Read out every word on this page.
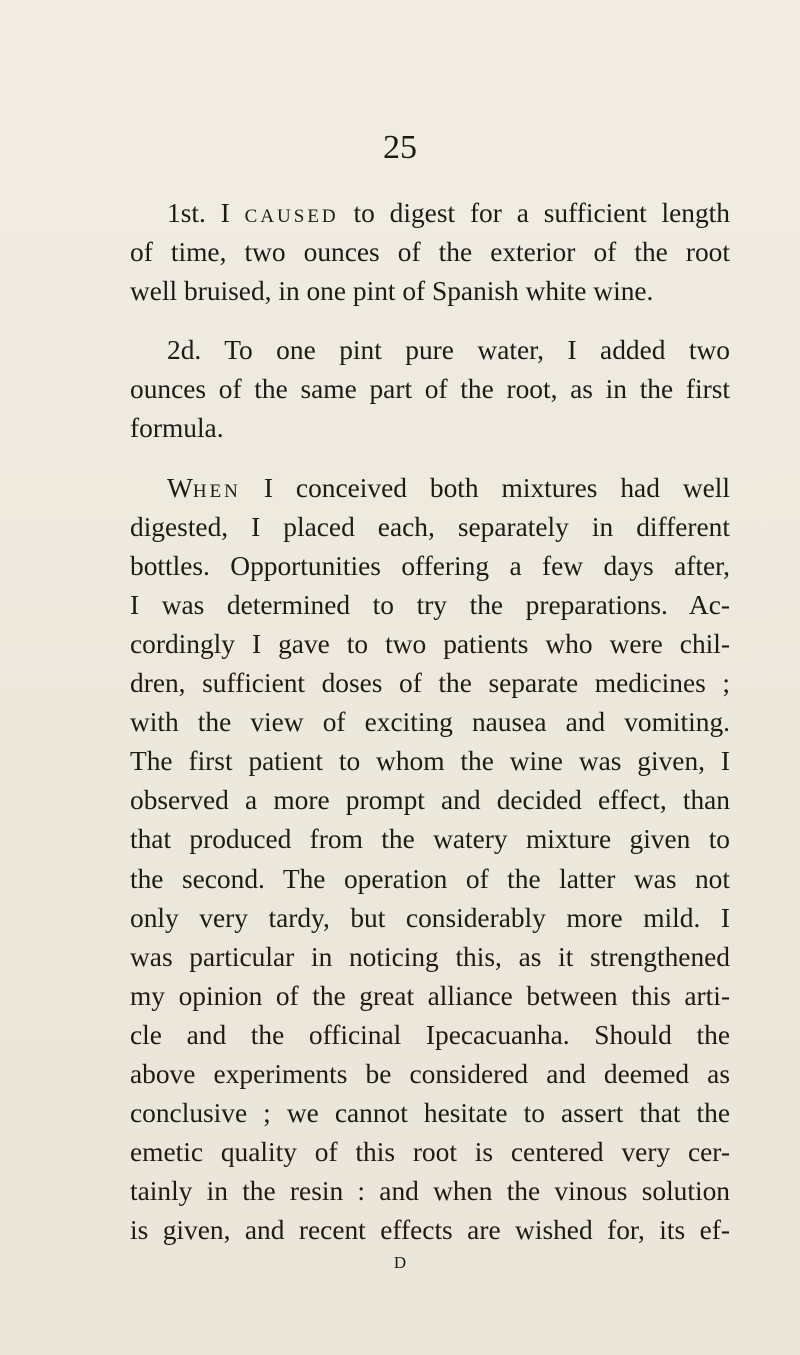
25
1st. I caused to digest for a sufficient length
of time, two ounces of the exterior of the root
well bruised, in one pint of Spanish white wine.
2d. To one pint pure water, I added two
ounces of the same part of the root, as in the first
formula.
When I conceived both mixtures had well
digested, I placed each, separately in different
bottles. Opportunities offering a few days after,
I was determined to try the preparations. Ac-
cordingly I gave to two patients who were chil-
dren, sufficient doses of the separate medicines ;
with the view of exciting nausea and vomiting.
The first patient to whom the wine was given, I
observed a more prompt and decided effect, than
that produced from the watery mixture given to
the second. The operation of the latter was not
only very tardy, but considerably more mild. I
was particular in noticing this, as it strengthened
my opinion of the great alliance between this arti-
cle and the officinal Ipecacuanha. Should the
above experiments be considered and deemed as
conclusive ; we cannot hesitate to assert that the
emetic quality of this root is centered very cer-
tainly in the resin : and when the vinous solution
is given, and recent effects are wished for, its ef-
D
